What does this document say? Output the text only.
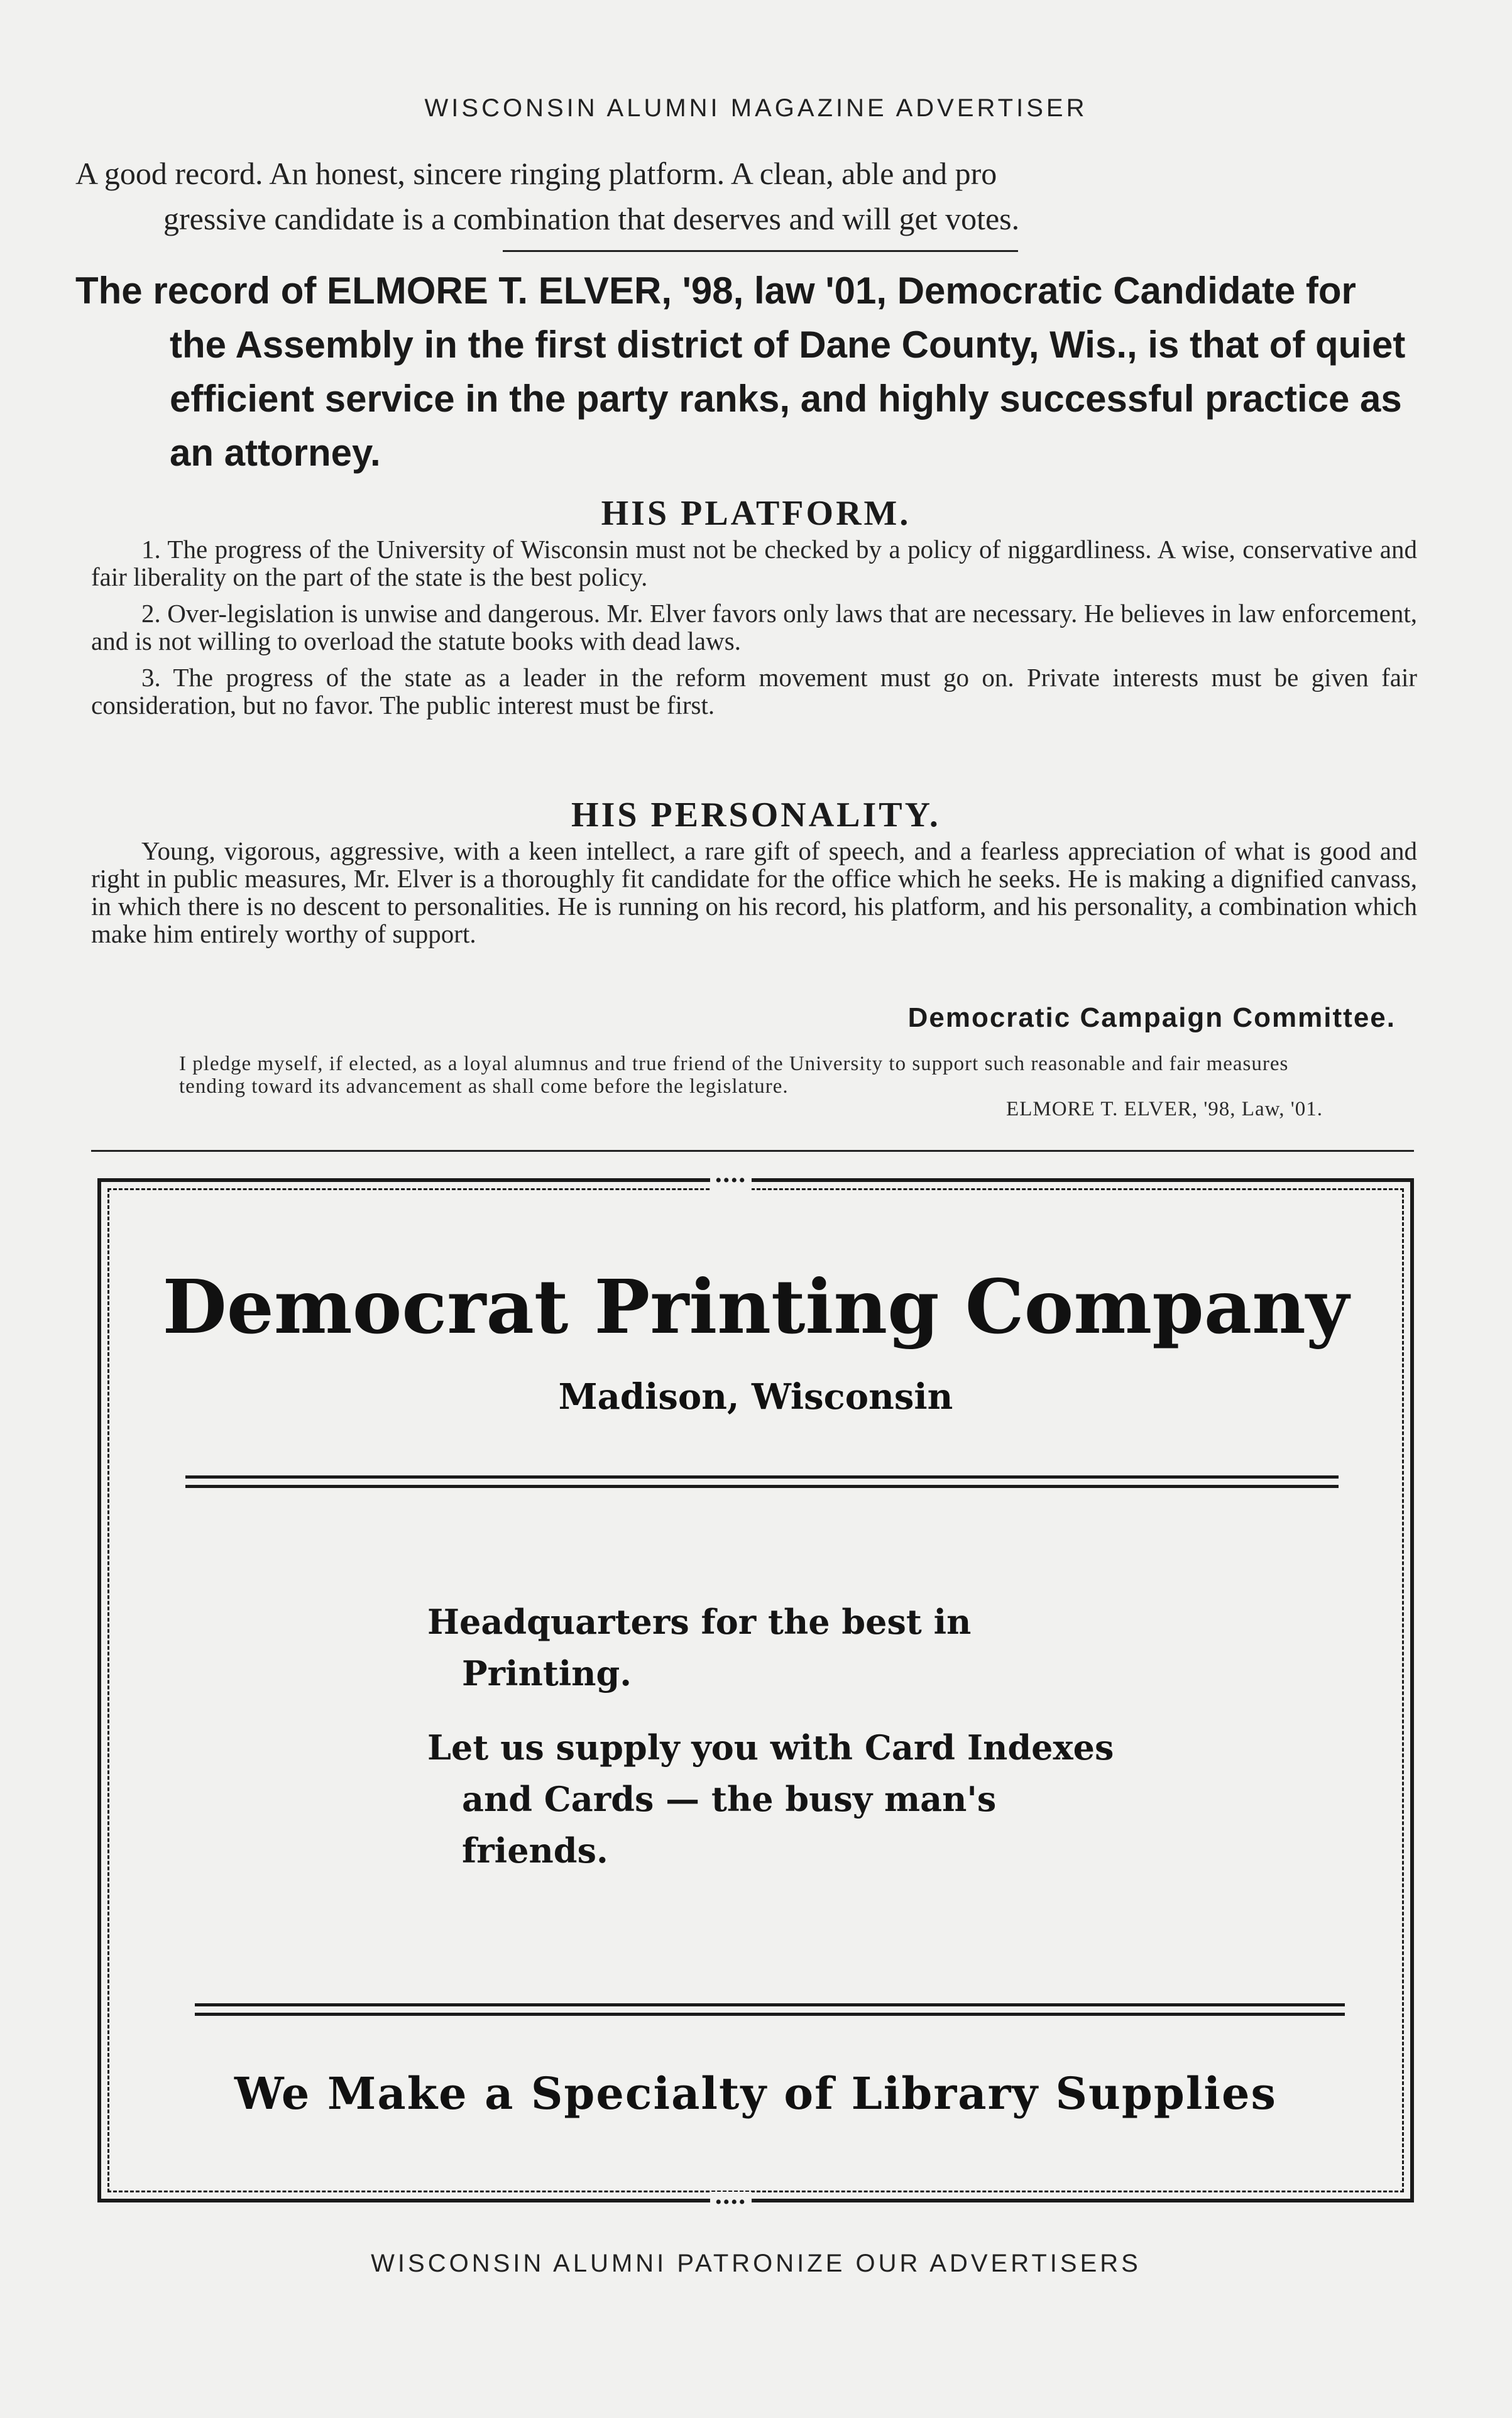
WISCONSIN ALUMNI MAGAZINE ADVERTISER
A good record. An honest, sincere ringing platform. A clean, able and pro
gressive candidate is a combination that deserves and will get votes.

The record of ELMORE T. ELVER, '98, law '01, Democratic Candidate for the Assembly in the first district of Dane County, Wis., is that of quiet efficient service in the party ranks, and highly successful practice as an attorney.

HIS PLATFORM.

1. The progress of the University of Wisconsin must not be checked by a policy of niggardliness. A wise, conservative and fair liberality on the part of the state is the best policy.

2. Over-legislation is unwise and dangerous. Mr. Elver favors only laws that are necessary. He believes in law enforcement, and is not willing to overload the statute books with dead laws.

3. The progress of the state as a leader in the reform movement must go on. Private interests must be given fair consideration, but no favor. The public interest must be first.

HIS PERSONALITY.

Young, vigorous, aggressive, with a keen intellect, a rare gift of speech, and a fearless appreciation of what is good and right in public measures, Mr. Elver is a thoroughly fit candidate for the office which he seeks. He is making a dignified canvass, in which there is no descent to personalities. He is running on his record, his platform, and his personality, a combination which make him entirely worthy of support.

Democratic Campaign Committee.
I pledge myself, if elected, as a loyal alumnus and true friend of the University to support such reasonable and fair measures tending toward its advancement as shall come before the legislature.
ELMORE T. ELVER, '98, Law, '01.
••••
••••
Democrat Printing Company
Madison, Wisconsin

Headquarters for the best in Printing.

Let us supply you with Card Indexes and Cards — the busy man's friends.

We Make a Specialty of Library Supplies
WISCONSIN ALUMNI PATRONIZE OUR ADVERTISERS
